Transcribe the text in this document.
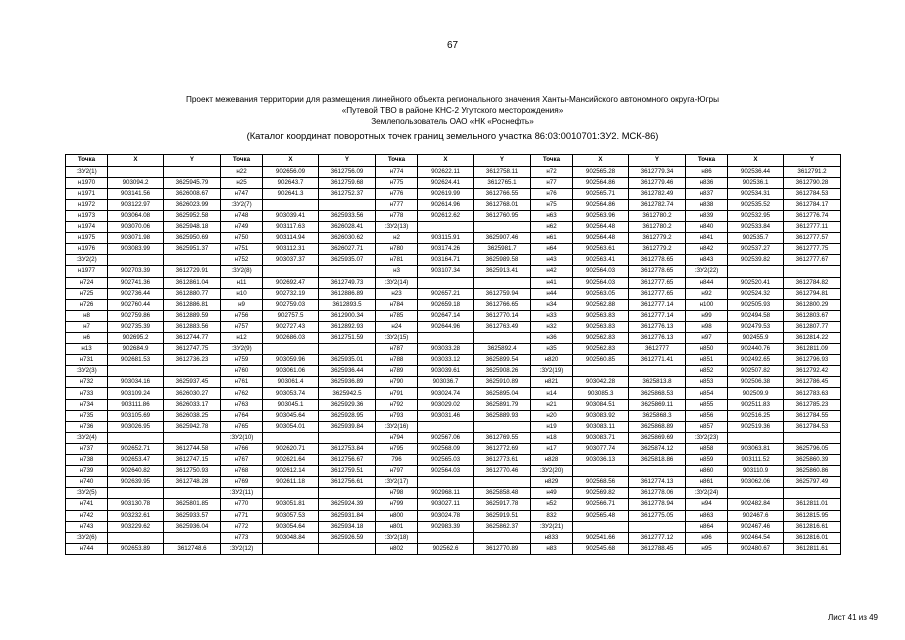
67
Проект межевания территории для размещения линейного объекта регионального значения Ханты-Мансийского автономного округа-Югры
«Путевой ТВО в районе КНС-2 Угутского месторождения»
Землепользователь ОАО «НК «Роснефть»
(Каталог координат поворотных точек границ земельного участка 86:03:0010701:ЗУ2. МСК-86)
Точка	X	Y	Точка	X	Y	Точка	X	Y	Точка	X	Y	Точка	X	Y
:ЗУ2(1)			н22	902656.09	3612756.09	н774	902622.11	3612758.11	н72	902565.28	3612779.34	н86	902536.44	3612791.2
н1970	903094.2	3625945.79	н25	902643.7	3612759.68	н775	902624.41	3612765.1	н77	902564.86	3612779.46	н836	902536.1	3612790.28
н1971	903141.56	3626008.67	н747	902641.3	3612752.37	н776	902619.99	3612766.55	н76	902565.71	3612782.49	н837	902534.31	3612784.53
н1972	903122.97	3626023.99	:ЗУ2(7)			н777	902614.96	3612768.01	н75	902564.86	3612782.74	н838	902535.52	3612784.17
н1973	903064.08	3625952.58	н748	903039.41	3625933.56	н778	902612.62	3612760.95	н63	902563.96	3612780.2	н839	902532.95	3612776.74
н1974	903070.06	3625948.18	н749	903117.63	3626028.41	:ЗУ2(13)			н62	902564.48	3612780.2	н840	902533.84	3612777.11
н1975	903071.98	3625950.69	н750	903114.94	3626030.62	н2	903115.91	3625907.46	н61	902564.48	3612779.2	н841	902535.7	3612777.57
н1976	903083.99	3625951.37	н751	903112.31	3626027.71	н780	903174.26	3625981.7	н64	902563.61	3612779.2	н842	902537.27	3612777.75
:ЗУ2(2)			н752	903037.37	3625935.07	н781	903164.71	3625989.58	н43	902563.41	3612778.65	н843	902539.82	3612777.67
н1977	902703.39	3612729.91	:ЗУ2(8)			н3	903107.34	3625913.41	н42	902564.03	3612778.65	:ЗУ2(22)		
н724	902741.36	3612861.04	н11	902692.47	3612749.73	:ЗУ2(14)			н41	902564.03	3612777.65	н844	902520.41	3612784.82
н725	902736.44	3612880.77	н10	902732.19	3612886.89	н23	902657.21	3612759.94	н44	902563.05	3612777.65	н92	902524.32	3612794.81
н726	902760.44	3612886.81	н9	902759.03	3612893.5	н784	902659.18	3612766.65	н34	902562.88	3612777.14	н100	902505.93	3612800.29
н8	902759.86	3612889.59	н756	902757.5	3612900.34	н785	902647.14	3612770.14	н33	902563.83	3612777.14	н99	902494.58	3612803.67
н7	902735.39	3612883.56	н757	902727.43	3612892.93	н24	902644.96	3612763.49	н32	902563.83	3612776.13	н98	902479.53	3612807.77
н6	902695.2	3612744.77	н12	902686.03	3612751.59	:ЗУ2(15)			н36	902562.83	3612776.13	н97	902455.9	3612814.22
н13	902684.9	3612747.75	:ЗУ2(9)			н787	903033.28	3625892.4	н35	902562.83	3612777	н850	902440.76	3612811.09
н731	902681.53	3612736.23	н759	903059.96	3625935.01	н788	903033.12	3625899.54	н820	902560.85	3612771.41	н851	902492.65	3612796.93
:ЗУ2(3)			н760	903061.06	3625936.44	н789	903039.61	3625908.26	:ЗУ2(19)			н852	902507.82	3612792.42
н732	903034.16	3625937.45	н761	903061.4	3625936.89	н790	903036.7	3625910.89	н821	903042.28	3625813.8	н853	902506.38	3612786.45
н733	903109.24	3626030.27	н762	903053.74	3625942.5	н791	903024.74	3625895.04	н14	903085.3	3625868.53	н854	902509.9	3612783.63
н734	903111.86	3626033.17	н763	903045.1	3625929.36	н792	903029.02	3625891.79	н21	903084.51	3625869.11	н855	902511.83	3612785.23
н735	903105.69	3626038.25	н764	903045.64	3625928.95	н793	903031.46	3625889.93	н20	903083.92	3625868.3	н856	902516.25	3612784.55
н736	903026.95	3625942.78	н765	903054.01	3625939.84	:ЗУ2(16)			н19	903083.11	3625868.89	н857	902519.36	3612784.53
:ЗУ2(4)			:ЗУ2(10)			н794	902567.06	3612769.55	н18	903083.71	3625869.69	:ЗУ2(23)		
н737	902652.71	3612744.58	н766	902620.71	3612753.84	н795	902568.09	3612772.69	н17	903077.74	3625874.12	н858	903063.81	3625796.05
н738	902653.47	3612747.15	н767	902621.64	3612756.67	796	902565.03	3612773.61	н828	903036.13	3625818.86	н859	903111.52	3625860.39
н739	902640.82	3612750.93	н768	902612.14	3612759.51	н797	902564.03	3612770.46	:ЗУ2(20)			н860	903110.9	3625860.86
н740	902639.95	3612748.28	н769	902611.18	3612756.61	:ЗУ2(17)			н829	902568.56	3612774.13	н861	903062.06	3625797.49
:ЗУ2(5)			:ЗУ2(11)			н798	902968.11	3625858.48	н49	902569.82	3612778.06	:ЗУ2(24)		
н741	903130.78	3625801.85	н770	903051.81	3625924.39	н799	903027.11	3625917.78	н52	902566.71	3612778.94	н94	902482.84	3612811.01
н742	903232.61	3625933.57	н771	903057.53	3625931.84	н800	903024.78	3625919.51	832	902565.48	3612775.05	н863	902467.6	3612815.95
н743	903229.62	3625936.04	н772	903054.64	3625934.18	н801	902983.39	3625862.37	:ЗУ2(21)			н864	902467.46	3612816.61
:ЗУ2(6)			н773	903048.84	3625926.59	:ЗУ2(18)			н833	902541.66	3612777.12	н96	902464.54	3612816.01
н744	902653.89	3612748.6	:ЗУ2(12)			н802	902562.6	3612770.89	н83	902545.68	3612788.45	н95	902480.67	3612811.61
Лист 41 из 49
